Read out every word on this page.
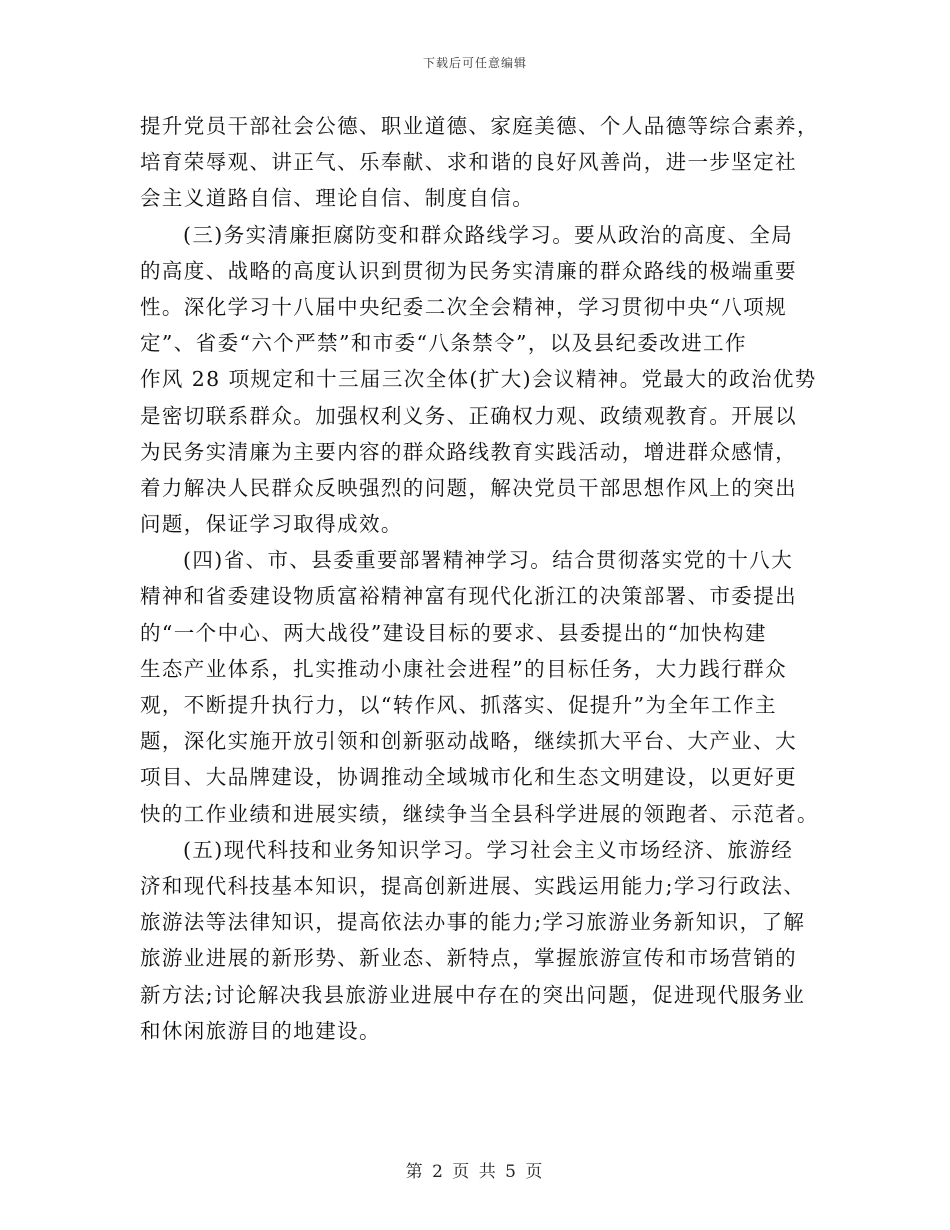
下载后可任意编辑
提升党员干部社会公德、职业道德、家庭美德、个人品德等综合素养，
培育荣辱观、讲正气、乐奉献、求和谐的良好风善尚，进一步坚定社
会主义道路自信、理论自信、制度自信。
(三)务实清廉拒腐防变和群众路线学习。要从政治的高度、全局
的高度、战略的高度认识到贯彻为民务实清廉的群众路线的极端重要
性。深化学习十八届中央纪委二次全会精神，学习贯彻中央“八项规
定”、省委“六个严禁”和市委“八条禁令”，以及县纪委改进工作
作风 28 项规定和十三届三次全体(扩大)会议精神。党最大的政治优势
是密切联系群众。加强权利义务、正确权力观、政绩观教育。开展以
为民务实清廉为主要内容的群众路线教育实践活动，增进群众感情，
着力解决人民群众反映强烈的问题，解决党员干部思想作风上的突出
问题，保证学习取得成效。
(四)省、市、县委重要部署精神学习。结合贯彻落实党的十八大
精神和省委建设物质富裕精神富有现代化浙江的决策部署、市委提出
的“一个中心、两大战役”建设目标的要求、县委提出的“加快构建
生态产业体系，扎实推动小康社会进程”的目标任务，大力践行群众
观，不断提升执行力，以“转作风、抓落实、促提升”为全年工作主
题，深化实施开放引领和创新驱动战略，继续抓大平台、大产业、大
项目、大品牌建设，协调推动全域城市化和生态文明建设，以更好更
快的工作业绩和进展实绩，继续争当全县科学进展的领跑者、示范者。
(五)现代科技和业务知识学习。学习社会主义市场经济、旅游经
济和现代科技基本知识，提高创新进展、实践运用能力;学习行政法、
旅游法等法律知识，提高依法办事的能力;学习旅游业务新知识，了解
旅游业进展的新形势、新业态、新特点，掌握旅游宣传和市场营销的
新方法;讨论解决我县旅游业进展中存在的突出问题，促进现代服务业
和休闲旅游目的地建设。
第 2 页 共 5 页
